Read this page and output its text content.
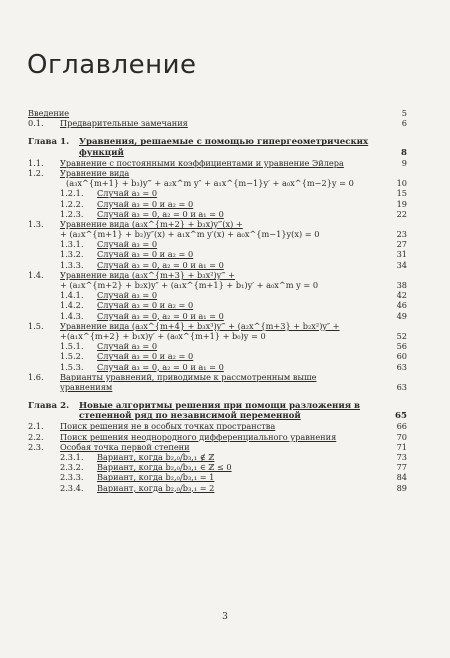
Оглавление
Введение	5
0.1. Предварительные замечания	6
Глава 1. Уравнения, решаемые с помощью гипергеометрических
функций	8
1.1. Уравнение с постоянными коэффициентами и уравнение Эйлера	9
1.2. Уравнение вида
(a₃x^{m+1} + b₃)y‴ + a₂x^m y″ + a₁x^{m−1}y′ + a₀x^{m−2}y = 0	10
1.2.1. Случай a₃ = 0	15
1.2.2. Случай a₃ = 0 и a₂ = 0	19
1.2.3. Случай a₃ = 0, a₂ = 0 и a₁ = 0	22
1.3. Уравнение вида (a₃x^{m+2} + b₃x)y‴(x) +
+ (a₂x^{m+1} + b₂)y″(x) + a₁x^m y′(x) + a₀x^{m−1}y(x) = 0	23
1.3.1. Случай a₃ = 0	27
1.3.2. Случай a₃ = 0 и a₂ = 0	31
1.3.3. Случай a₃ = 0, a₂ = 0 и a₁ = 0	34
1.4. Уравнение вида (a₃x^{m+3} + b₃x²)y‴ +
+ (a₂x^{m+2} + b₂x)y″ + (a₁x^{m+1} + b₁)y′ + a₀x^m y = 0	38
1.4.1. Случай a₃ = 0	42
1.4.2. Случай a₃ = 0 и a₂ = 0	46
1.4.3. Случай a₃ = 0, a₂ = 0 и a₁ = 0	49
1.5. Уравнение вида (a₃x^{m+4} + b₃x³)y‴ + (a₂x^{m+3} + b₂x²)y″ +
+(a₁x^{m+2} + b₁x)y′ + (a₀x^{m+1} + b₀)y = 0	52
1.5.1. Случай a₃ = 0	56
1.5.2. Случай a₃ = 0 и a₂ = 0	60
1.5.3. Случай a₃ = 0, a₂ = 0 и a₁ = 0	63
1.6. Варианты уравнений, приводимые к рассмотренным выше
уравнениям	63
Глава 2. Новые алгоритмы решения при помощи разложения в
степенной ряд по независимой переменной	65
2.1. Поиск решения не в особых точках пространства	66
2.2. Поиск решения неоднородного дифференциального уравнения	70
2.3. Особая точка первой степени	71
2.3.1. Вариант, когда b₂,₀/b₃,₁ ∉ ℤ	73
2.3.2. Вариант, когда b₂,₀/b₃,₁ ∈ ℤ ≤ 0	77
2.3.3. Вариант, когда b₂,₀/b₃,₁ = 1	84
2.3.4. Вариант, когда b₂,₀/b₃,₁ = 2	89
3
